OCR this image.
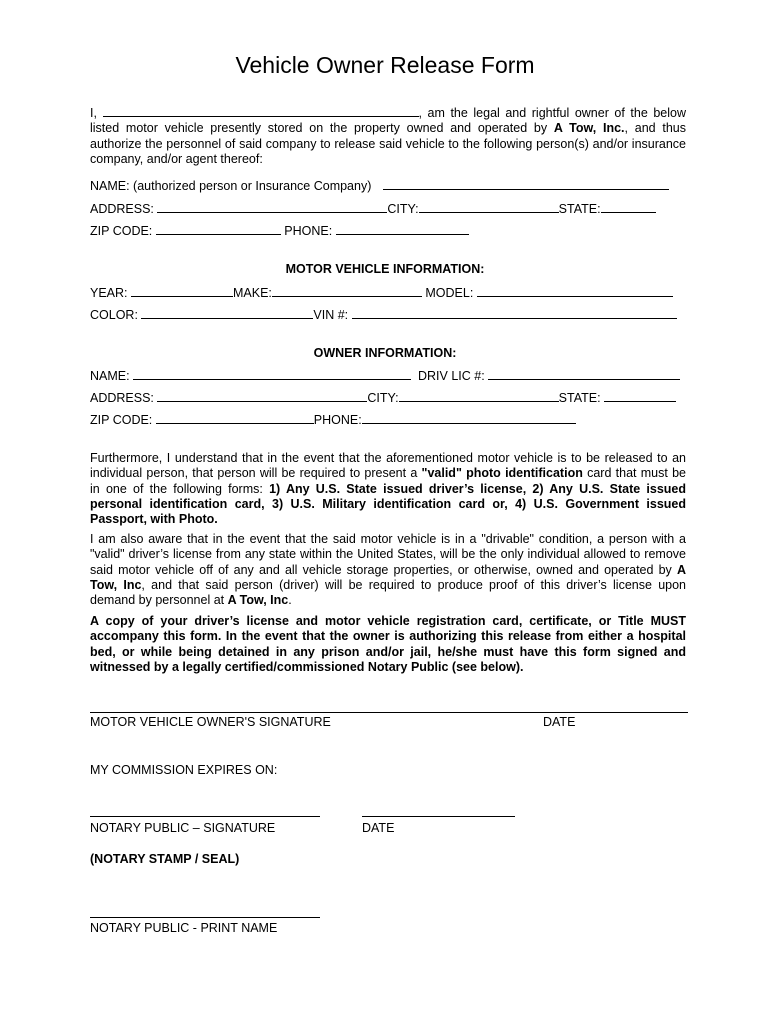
Vehicle Owner Release Form
I,	, am the legal and rightful owner of the below listed motor vehicle presently stored on the property owned and operated by A Tow, Inc., and thus authorize the personnel of said company to release said vehicle to the following person(s) and/or insurance company, and/or agent thereof:
NAME: (authorized person or Insurance Company)
ADDRESS:	CITY:	STATE:
ZIP CODE:	PHONE:
MOTOR VEHICLE INFORMATION:
YEAR:	MAKE:	MODEL:
COLOR:	VIN #:
OWNER INFORMATION:
NAME:	DRIV LIC #:
ADDRESS:	CITY:	STATE:
ZIP CODE:	PHONE:
Furthermore, I understand that in the event that the aforementioned motor vehicle is to be released to an individual person, that person will be required to present a "valid" photo identification card that must be in one of the following forms: 1) Any U.S. State issued driver’s license, 2) Any U.S. State issued personal identification card, 3) U.S. Military identification card or, 4) U.S. Government issued Passport, with Photo.
I am also aware that in the event that the said motor vehicle is in a "drivable" condition, a person with a "valid" driver’s license from any state within the United States, will be the only individual allowed to remove said motor vehicle off of any and all vehicle storage properties, or otherwise, owned and operated by A Tow, Inc, and that said person (driver) will be required to produce proof of this driver’s license upon demand by personnel at A Tow, Inc.
A copy of your driver’s license and motor vehicle registration card, certificate, or Title MUST accompany this form. In the event that the owner is authorizing this release from either a hospital bed, or while being detained in any prison and/or jail, he/she must have this form signed and witnessed by a legally certified/commissioned Notary Public (see below).
MOTOR VEHICLE OWNER'S SIGNATURE	DATE
MY COMMISSION EXPIRES ON:
NOTARY PUBLIC – SIGNATURE	DATE
(NOTARY STAMP / SEAL)
NOTARY PUBLIC - PRINT NAME
